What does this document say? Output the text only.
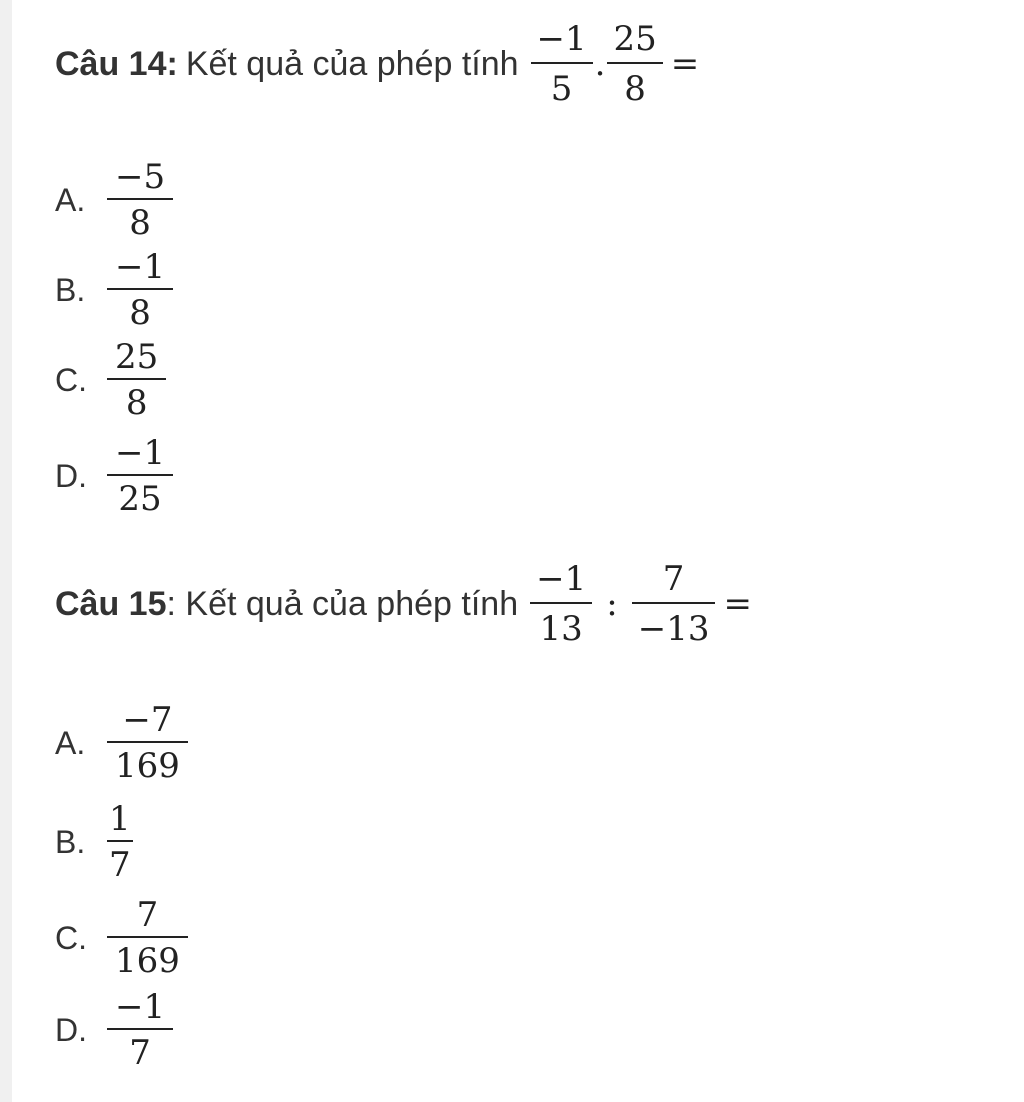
Câu 14: Kết quả của phép tính $\frac{-1}{5}$ . $\frac{25}{8}$ =
A. $\frac{-5}{8}$
B. $\frac{-1}{8}$
C. $\frac{25}{8}$
D. $\frac{-1}{25}$
Câu 15 : Kết quả của phép tính $\frac{-1}{13}$ : $\frac{7}{-13}$ =
A. $\frac{-7}{169}$
B. $\frac{1}{7}$
C. $\frac{7}{169}$
D. $\frac{-1}{7}$
